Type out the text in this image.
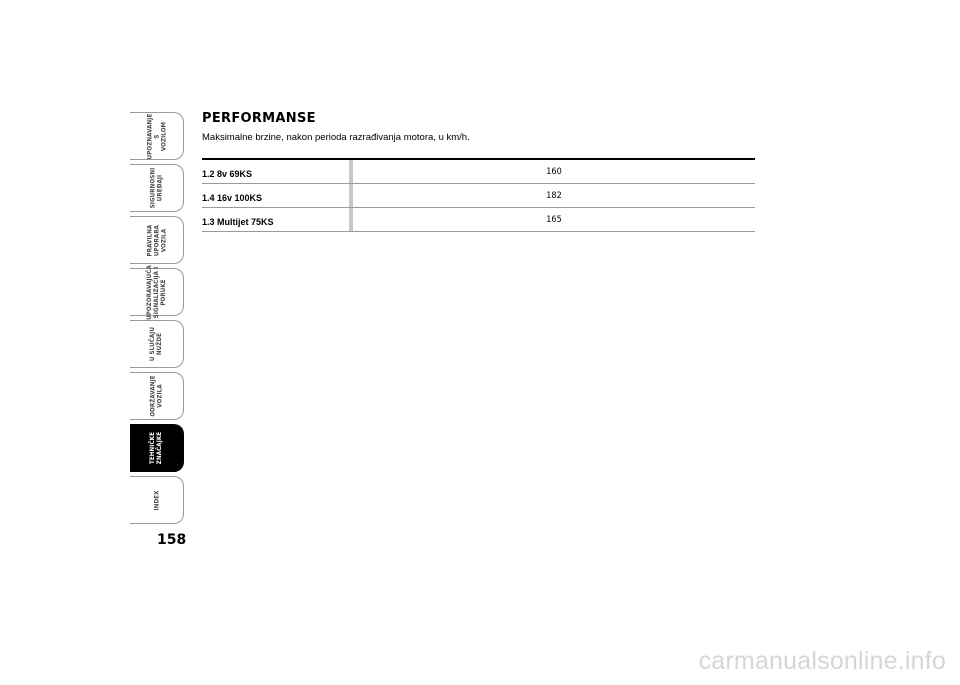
UPOZNAVANJE
S
VOZILOM
SIGURNOSNI
UREĐAJI
PRAVILNA
UPORABA
VOZILA
UPOZORAVAJUĆA
SIGNALIZACIJA I
PORUKE
U SLUČAJU
NUŽDE
ODRŽAVANJE
VOZILA
TEHNIČKE
ZNAČAJKE
INDEX
158
PERFORMANSE

Maksimalne brzine, nakon perioda razrađivanja motora, u km/h.

1.2 8v 69KS	160
1.4 16v 100KS	182
1.3 Multijet 75KS	165
carmanualsonline.info
